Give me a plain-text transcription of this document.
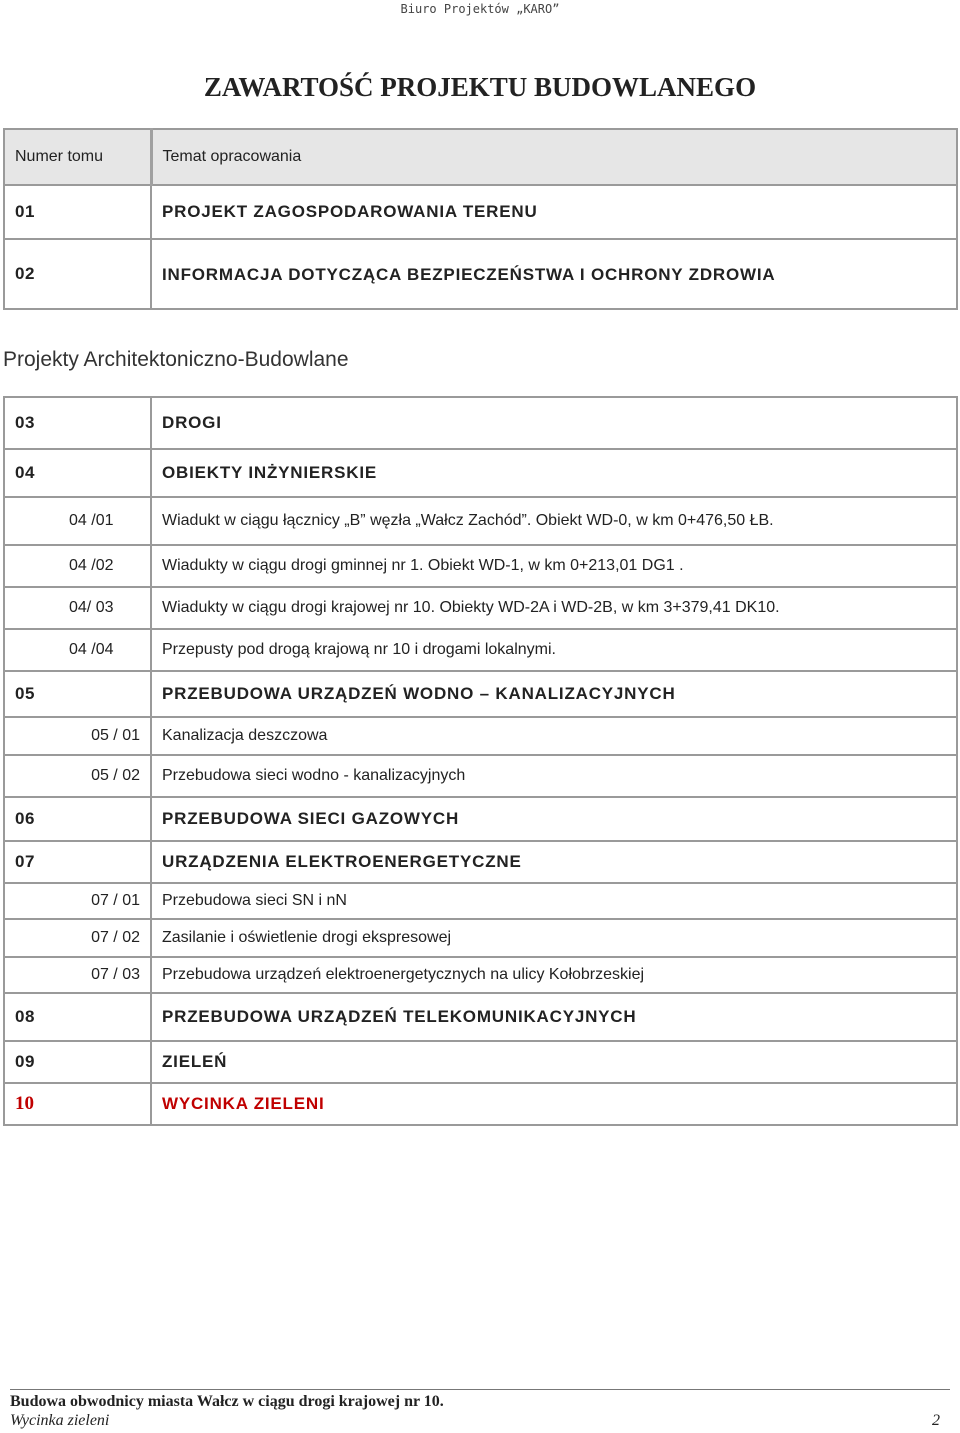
Biuro Projektów „KARO”
ZAWARTOŚĆ PROJEKTU BUDOWLANEGO
Numer tomu	Temat opracowania
01	PROJEKT ZAGOSPODAROWANIA TERENU
02	INFORMACJA DOTYCZĄCA BEZPIECZEŃSTWA I OCHRONY ZDROWIA
Projekty Architektoniczno-Budowlane
03	DROGI
04	OBIEKTY INŻYNIERSKIE
04 /01	Wiadukt w ciągu łącznicy „B” węzła „Wałcz Zachód”. Obiekt WD-0, w km 0+476,50 ŁB.
04 /02	Wiadukty w ciągu drogi gminnej nr 1. Obiekt WD-1, w km 0+213,01 DG1 .
04/ 03	Wiadukty w ciągu drogi krajowej nr 10. Obiekty WD-2A i WD-2B, w km 3+379,41 DK10.
04 /04	Przepusty pod drogą krajową nr 10 i drogami lokalnymi.
05	PRZEBUDOWA URZĄDZEŃ WODNO – KANALIZACYJNYCH
05 / 01	Kanalizacja deszczowa
05 / 02	Przebudowa sieci wodno - kanalizacyjnych
06	PRZEBUDOWA SIECI GAZOWYCH
07	URZĄDZENIA ELEKTROENERGETYCZNE
07 / 01	Przebudowa sieci SN i nN
07 / 02	Zasilanie i oświetlenie drogi ekspresowej
07 / 03	Przebudowa urządzeń elektroenergetycznych na ulicy Kołobrzeskiej
08	PRZEBUDOWA URZĄDZEŃ TELEKOMUNIKACYJNYCH
09	ZIELEŃ
10	WYCINKA ZIELENI
Budowa obwodnicy miasta Wałcz w ciągu drogi krajowej nr 10.
Wycinka zieleni	2
